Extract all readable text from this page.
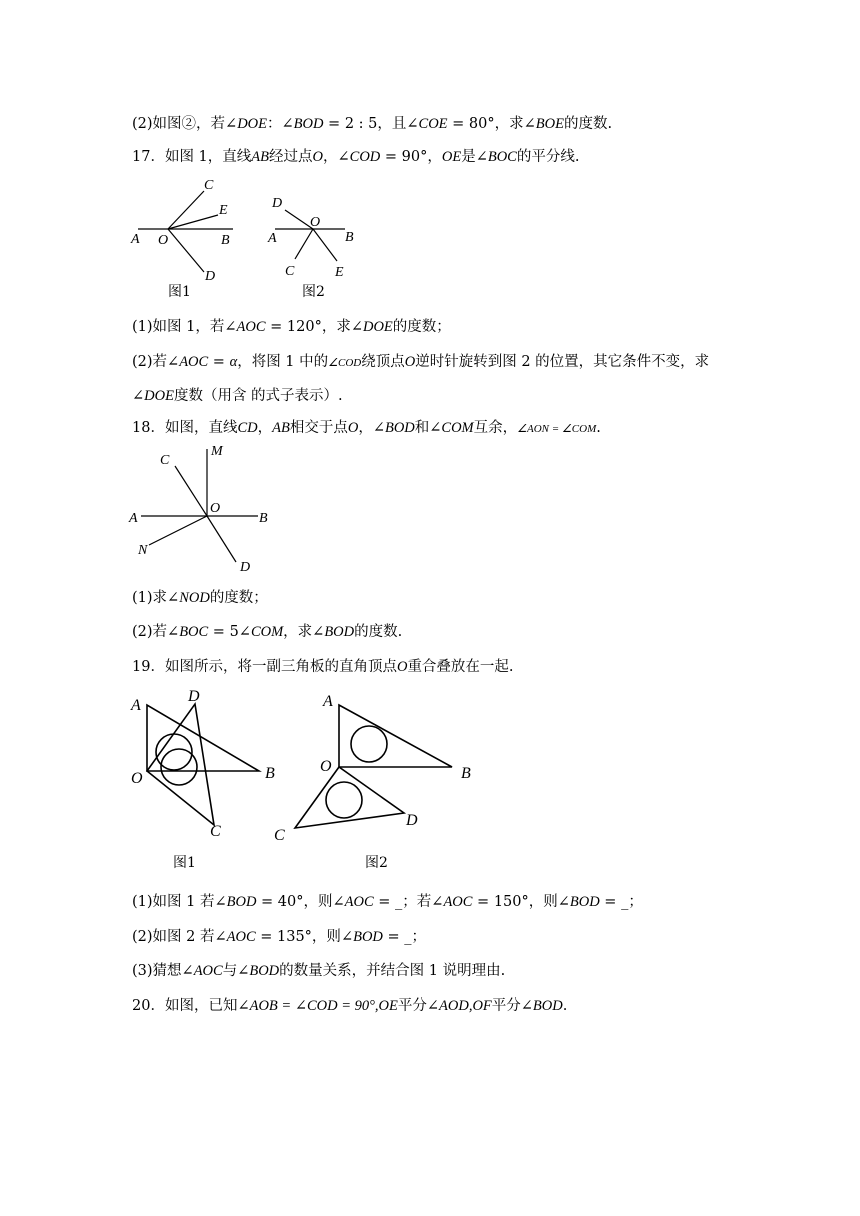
(2)如图②，若∠DOE：∠BOD = 2 : 5，且∠COE = 80°，求∠BOE的度数.
17．如图 1，直线AB经过点O，∠COD = 90°，OE是∠BOC的平分线.
C
E
A O	B
D
图1
D
O
A	B
C	E
图2
(1)如图 1，若∠AOC = 120°，求∠DOE的度数；
(2)若∠AOC = α，将图 1 中的∠COD绕顶点O逆时针旋转到图 2 的位置，其它条件不变，求
∠DOE度数（用含 的式子表示）.
18．如图，直线CD，AB相交于点O，∠BOD和∠COM互余，∠AON = ∠COM.
C
M
O
A	B
N
D
(1)求∠NOD的度数；
(2)若∠BOC = 5∠COM，求∠BOD的度数.
19．如图所示，将一副三角板的直角顶点O重合叠放在一起.
A
D
O	B
C
图1
A
O	B
C
D
图2
(1)如图 1 若∠BOD = 40°，则∠AOC = _；若∠AOC = 150°，则∠BOD = _；
(2)如图 2 若∠AOC = 135°，则∠BOD = _；
(3)猜想∠AOC与∠BOD的数量关系，并结合图 1 说明理由.
20．如图，已知∠AOB = ∠COD = 90°,OE平分∠AOD,OF平分∠BOD.
